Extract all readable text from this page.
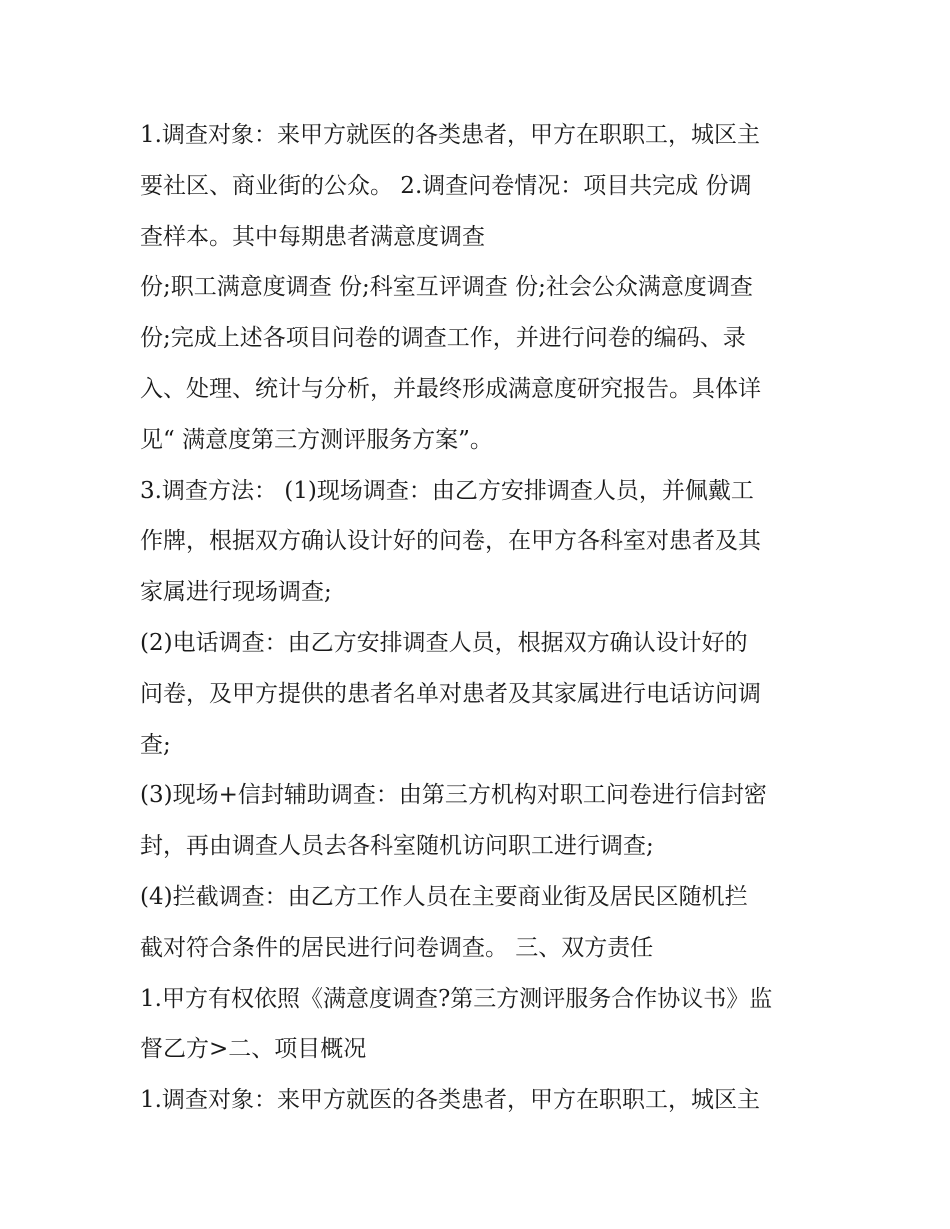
1.调查对象：来甲方就医的各类患者，甲方在职职工，城区主
要社区、商业街的公众。 2.调查问卷情况：项目共完成 份调
查样本。其中每期患者满意度调查
份;职工满意度调查 份;科室互评调查 份;社会公众满意度调查
份;完成上述各项目问卷的调查工作，并进行问卷的编码、录
入、处理、统计与分析，并最终形成满意度研究报告。具体详
见“ 满意度第三方测评服务方案”。
3.调查方法： (1)现场调查：由乙方安排调查人员，并佩戴工
作牌，根据双方确认设计好的问卷，在甲方各科室对患者及其
家属进行现场调查;
(2)电话调查：由乙方安排调查人员，根据双方确认设计好的
问卷，及甲方提供的患者名单对患者及其家属进行电话访问调
查;
(3)现场+信封辅助调查：由第三方机构对职工问卷进行信封密
封，再由调查人员去各科室随机访问职工进行调查;
(4)拦截调查：由乙方工作人员在主要商业街及居民区随机拦
截对符合条件的居民进行问卷调查。 三、双方责任
1.甲方有权依照《满意度调查?第三方测评服务合作协议书》监
督乙方>二、项目概况
1.调查对象：来甲方就医的各类患者，甲方在职职工，城区主
